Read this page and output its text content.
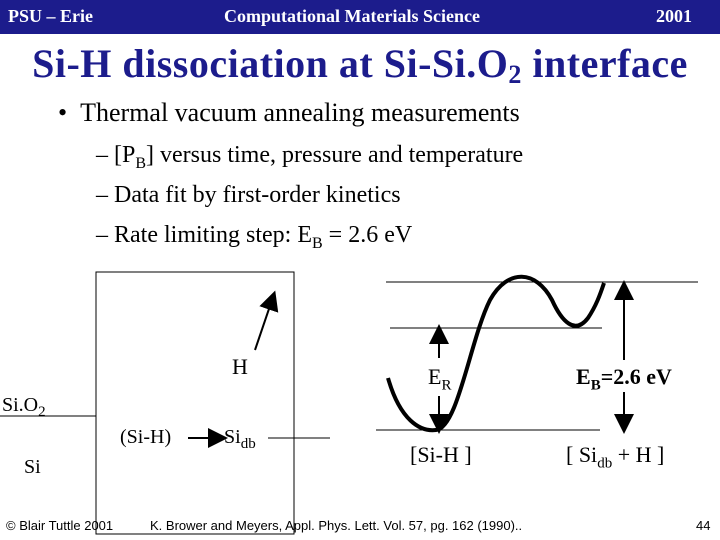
PSU – Erie	Computational Materials Science	2001
Si-H dissociation at $Si-Si.O_2$ interface
• Thermal vacuum annealing measurements
– $[P_B]$ versus time, pressure and temperature
– Data fit by first-order kinetics
– Rate limiting step: $E_B = 2.6$ eV
H
$Si.O_2$
Si
(Si-H)	$Si_{db}$
$E_R$	$E_B=2.6$ eV
[Si-H ]	[ $Si_{db} + H$ ]
© Blair Tuttle 2001	K. Brower and Meyers, Appl. Phys. Lett. Vol. 57, pg. 162 (1990)..	44
